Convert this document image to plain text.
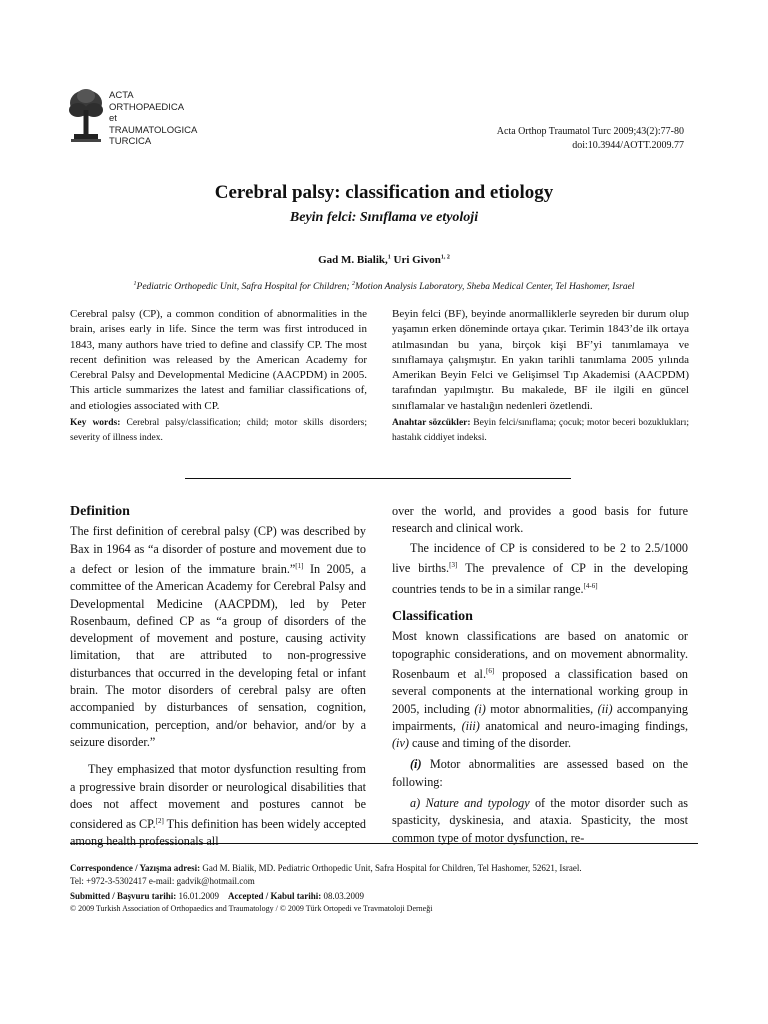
ACTA
ORTHOPAEDICA
et
TRAUMATOLOGICA
TURCICA
Acta Orthop Traumatol Turc 2009;43(2):77-80
doi:10.3944/AOTT.2009.77
Cerebral palsy: classification and etiology
Beyin felci: Sınıflama ve etyoloji
Gad M. Bialik,$^1$ Uri Givon$^{1, 2}$
$^1$Pediatric Orthopedic Unit, Safra Hospital for Children; $^2$Motion Analysis Laboratory, Sheba Medical Center, Tel Hashomer, Israel
Cerebral palsy (CP), a common condition of abnormalities in the brain, arises early in life. Since the term was first introduced in 1843, many authors have tried to define and classify CP. The most recent definition was released by the American Academy for Cerebral Palsy and Developmental Medicine (AACPDM) in 2005. This article summarizes the latest and familiar classifications of, and etiologies associated with CP.
Key words: Cerebral palsy/classification; child; motor skills disorders; severity of illness index.
Beyin felci (BF), beyinde anormalliklerle seyreden bir durum olup yaşamın erken döneminde ortaya çıkar. Terimin 1843’de ilk ortaya atılmasından bu yana, birçok kişi BF’yi tanımlamaya ve sınıflamaya çalışmıştır. En yakın tarihli tanımlama 2005 yılında Amerikan Beyin Felci ve Gelişimsel Tıp Akademisi (AACPDM) tarafından yapılmıştır. Bu makalede, BF ile ilgili en güncel sınıflamalar ve hastalığın nedenleri özetlendi.
Anahtar sözcükler: Beyin felci/sınıflama; çocuk; motor beceri bozuklukları; hastalık ciddiyet indeksi.
Definition

The first definition of cerebral palsy (CP) was described by Bax in 1964 as “a disorder of posture and movement due to a defect or lesion of the immature brain.”[1] In 2005, a committee of the American Academy for Cerebral Palsy and Developmental Medicine (AACPDM), led by Peter Rosenbaum, defined CP as “a group of disorders of the development of movement and posture, causing activity limitation, that are attributed to non-progressive disturbances that occurred in the developing fetal or infant brain. The motor disorders of cerebral palsy are often accompanied by disturbances of sensation, cognition, communication, perception, and/or behavior, and/or by a seizure disorder.”

They emphasized that motor dysfunction resulting from a progressive brain disorder or neurological disabilities that does not affect movement and postures cannot be considered as CP.[2] This definition has been widely accepted among health professionals all

The incidence of CP is considered to be 2 to 2.5/1000 live births.[3] The prevalence of CP in the developing countries tends to be in a similar range.[4-6]

Classification

Most known classifications are based on anatomic or topographic considerations, and on movement abnormality. Rosenbaum et al.[6] proposed a classification based on several components at the international working group in 2005, including (i) motor abnormalities, (ii) accompanying impairments, (iii) anatomical and neuro-imaging findings, (iv) cause and timing of the disorder.

(i) Motor abnormalities are assessed based on the following:

a) Nature and typology of the motor disorder such as spasticity, dyskinesia, and ataxia. Spasticity, the most common type of motor dysfunction, re-

over the world, and provides a good basis for future research and clinical work.

Correspondence / Yazışma adresi: Gad M. Bialik, MD. Pediatric Orthopedic Unit, Safra Hospital for Children, Tel Hashomer, 52621, Israel.
Tel: +972-3-5302417 e-mail: gadvik@hotmail.com
Submitted / Başvuru tarihi: 16.01.2009 Accepted / Kabul tarihi: 08.03.2009
© 2009 Turkish Association of Orthopaedics and Traumatology / © 2009 Türk Ortopedi ve Travmatoloji Derneği
